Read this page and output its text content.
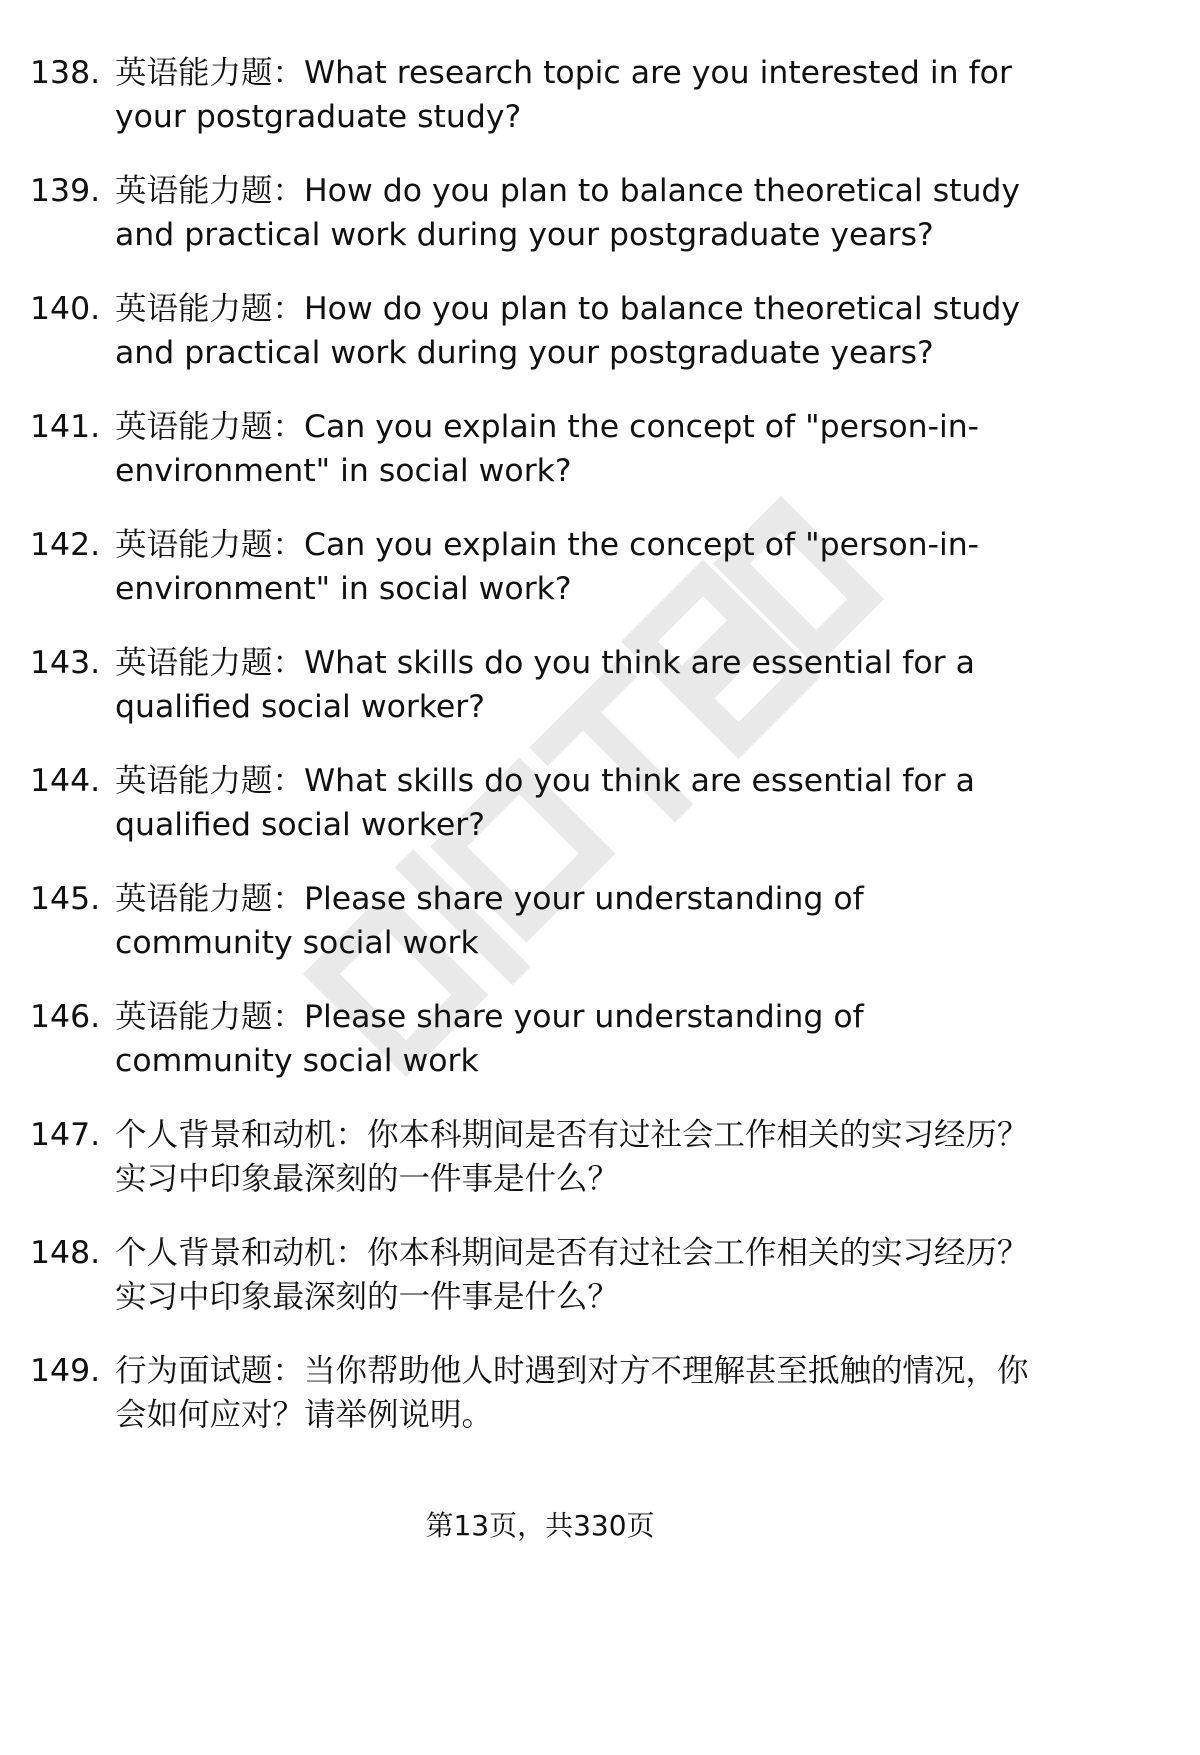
138. 英语能力题：What research topic are you interested in for your postgraduate study?
139. 英语能力题：How do you plan to balance theoretical study and practical work during your postgraduate years?
140. 英语能力题：How do you plan to balance theoretical study and practical work during your postgraduate years?
141. 英语能力题：Can you explain the concept of "person-in-environment" in social work?
142. 英语能力题：Can you explain the concept of "person-in-environment" in social work?
143. 英语能力题：What skills do you think are essential for a qualified social worker?
144. 英语能力题：What skills do you think are essential for a qualified social worker?
145. 英语能力题：Please share your understanding of community social work
146. 英语能力题：Please share your understanding of community social work
147. 个人背景和动机：你本科期间是否有过社会工作相关的实习经历？实习中印象最深刻的一件事是什么？
148. 个人背景和动机：你本科期间是否有过社会工作相关的实习经历？实习中印象最深刻的一件事是什么？
149. 行为面试题：当你帮助他人时遇到对方不理解甚至抵触的情况，你会如何应对？请举例说明。
第13页，共330页
